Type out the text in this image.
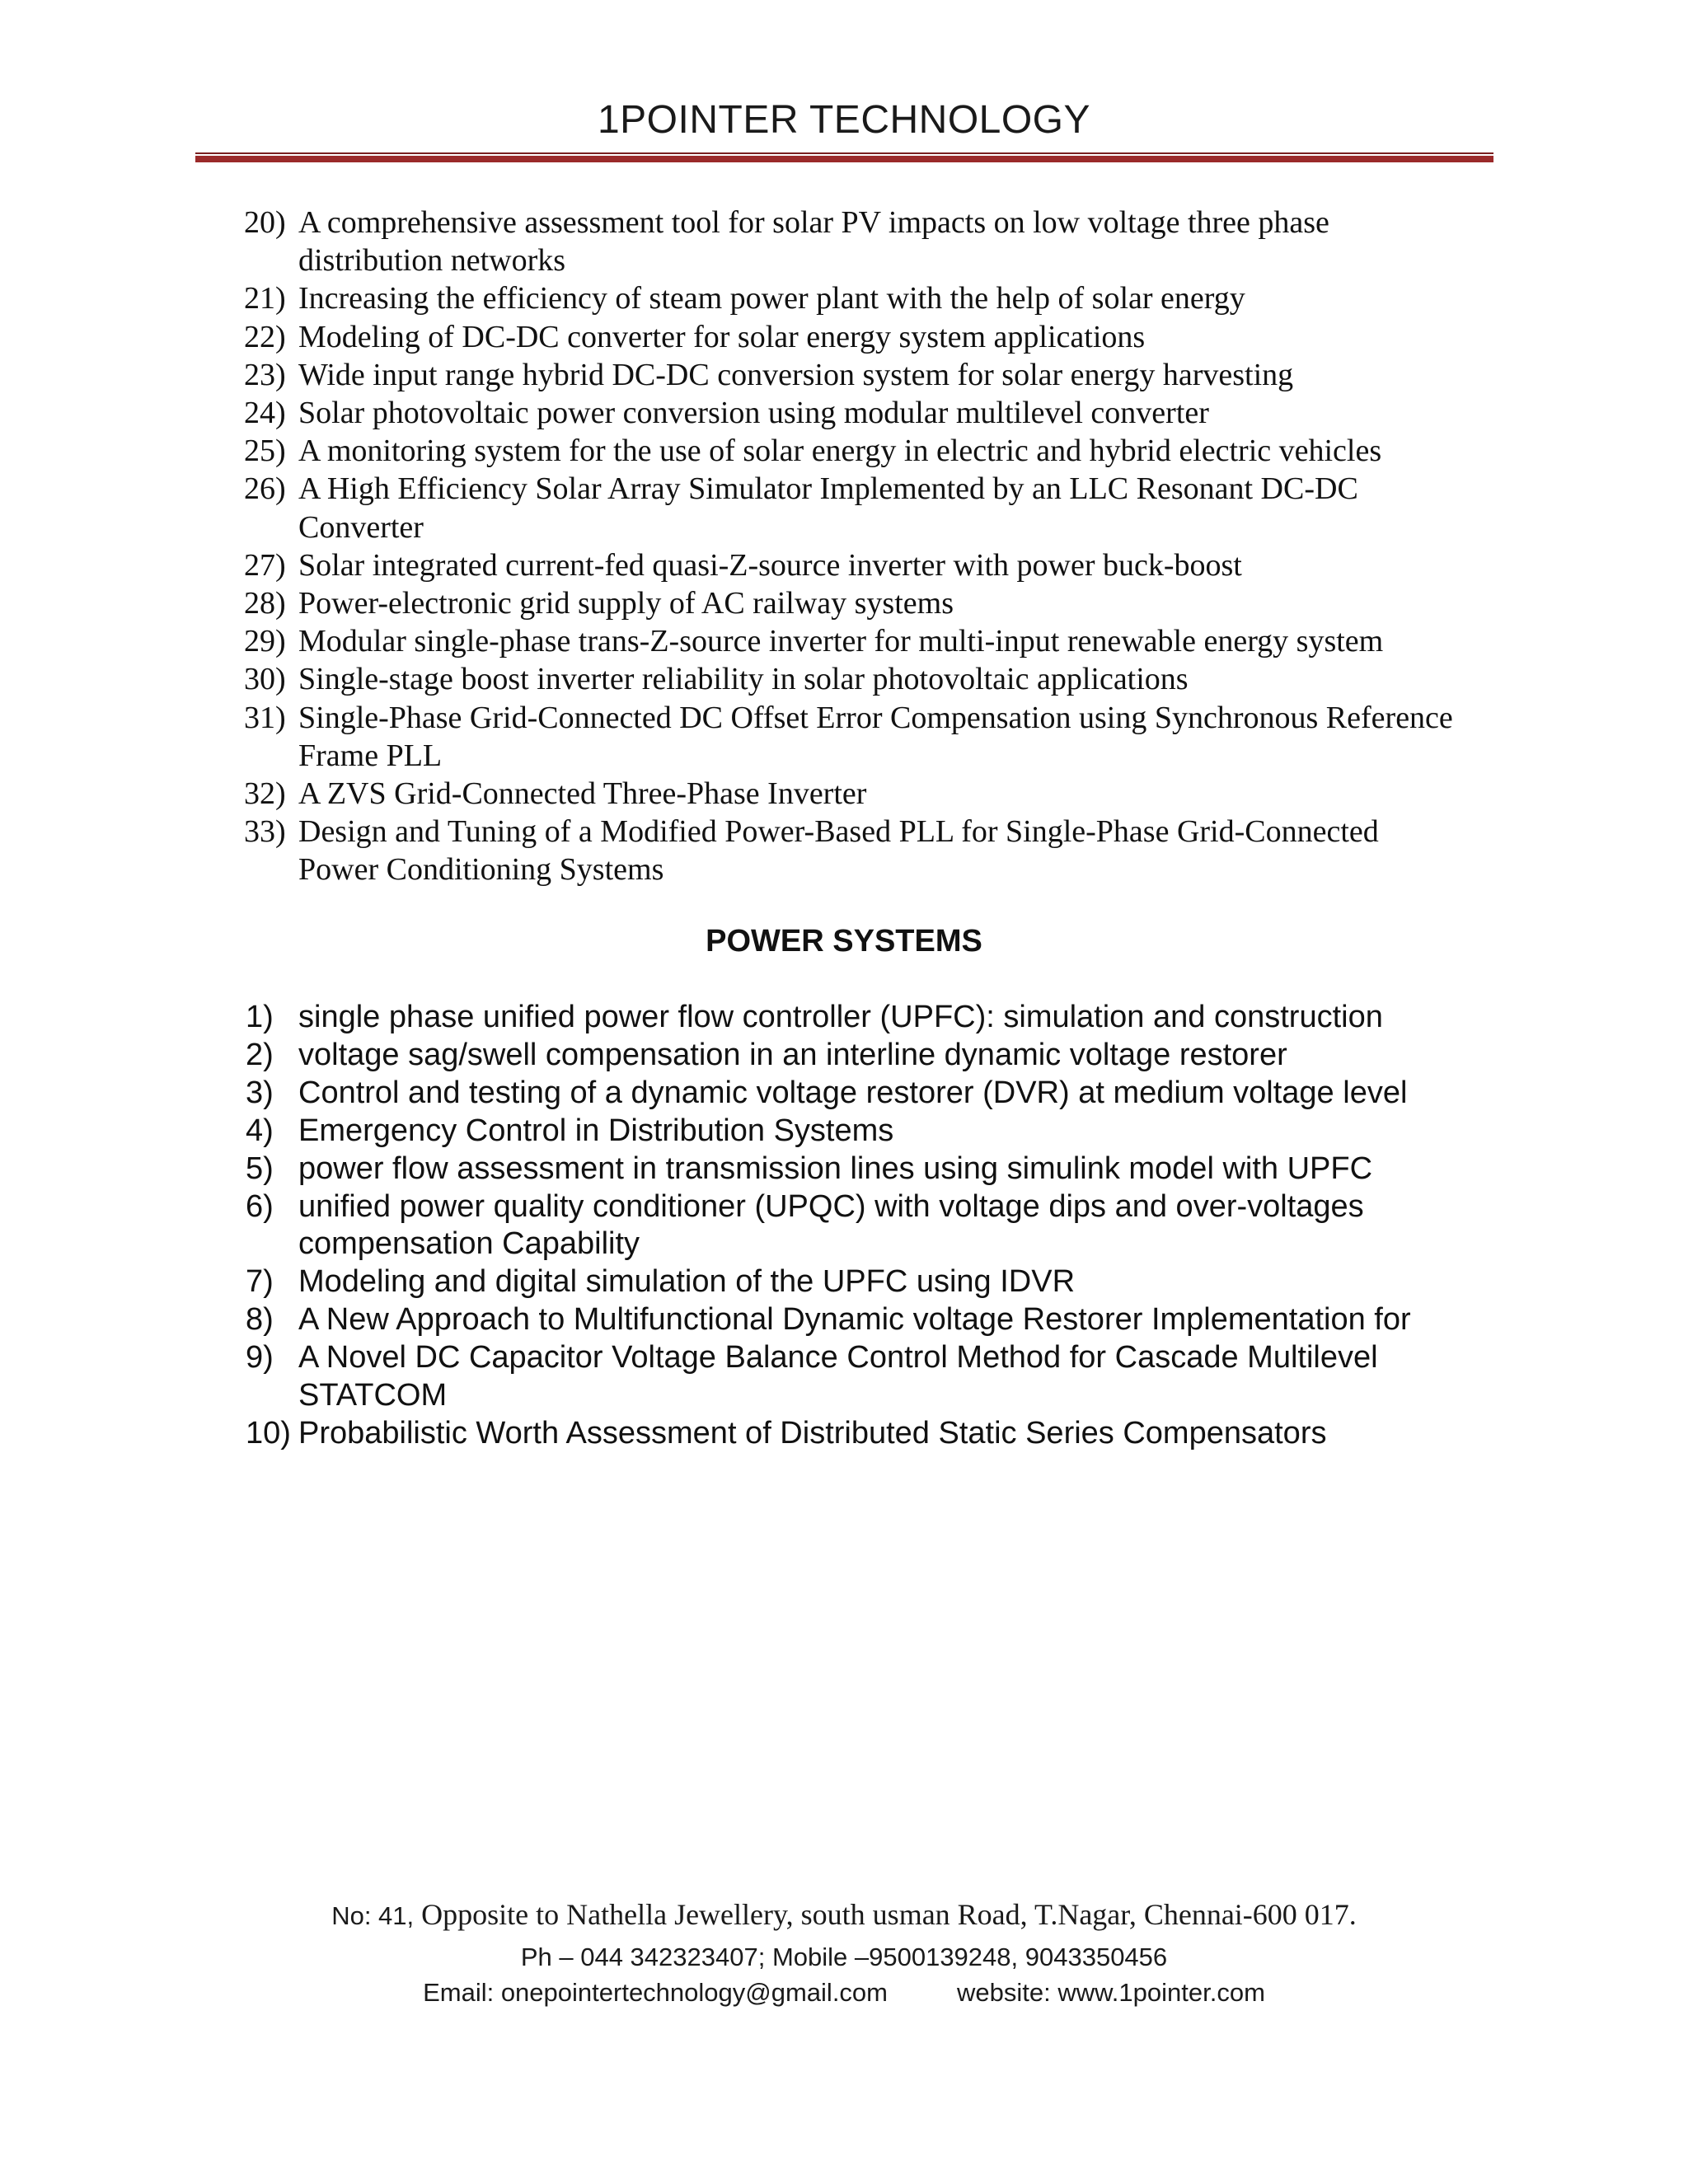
1POINTER TECHNOLOGY
20) A comprehensive assessment tool for solar PV impacts on low voltage three phase distribution networks
21) Increasing the efficiency of steam power plant with the help of solar energy
22) Modeling of DC-DC converter for solar energy system applications
23) Wide input range hybrid DC-DC conversion system for solar energy harvesting
24) Solar photovoltaic power conversion using modular multilevel converter
25) A monitoring system for the use of solar energy in electric and hybrid electric vehicles
26) A High Efficiency Solar Array Simulator Implemented by an LLC Resonant DC-DC Converter
27) Solar integrated current-fed quasi-Z-source inverter with power buck-boost
28) Power-electronic grid supply of AC railway systems
29) Modular single-phase trans-Z-source inverter for multi-input renewable energy system
30) Single-stage boost inverter reliability in solar photovoltaic applications
31) Single-Phase Grid-Connected DC Offset Error Compensation using Synchronous Reference Frame PLL
32) A ZVS Grid-Connected Three-Phase Inverter
33) Design and Tuning of a Modified Power-Based PLL for Single-Phase Grid-Connected Power Conditioning Systems
POWER SYSTEMS
1) single phase unified power flow controller (UPFC): simulation and construction
2) voltage sag/swell compensation in an interline dynamic voltage restorer
3) Control and testing of a dynamic voltage restorer (DVR) at medium voltage level
4) Emergency Control in Distribution Systems
5) power flow assessment in transmission lines using simulink model with UPFC
6) unified power quality conditioner (UPQC) with voltage dips and over-voltages compensation Capability
7) Modeling and digital simulation of the UPFC using IDVR
8) A New Approach to Multifunctional Dynamic voltage Restorer Implementation for
9) A Novel DC Capacitor Voltage Balance Control Method for Cascade Multilevel STATCOM
10) Probabilistic Worth Assessment of Distributed Static Series Compensators
No: 41, Opposite to Nathella Jewellery, south usman Road, T.Nagar, Chennai-600 017.
Ph – 044 342323407; Mobile –9500139248, 9043350456
Email: onepointertechnology@gmail.com	website: www.1pointer.com
